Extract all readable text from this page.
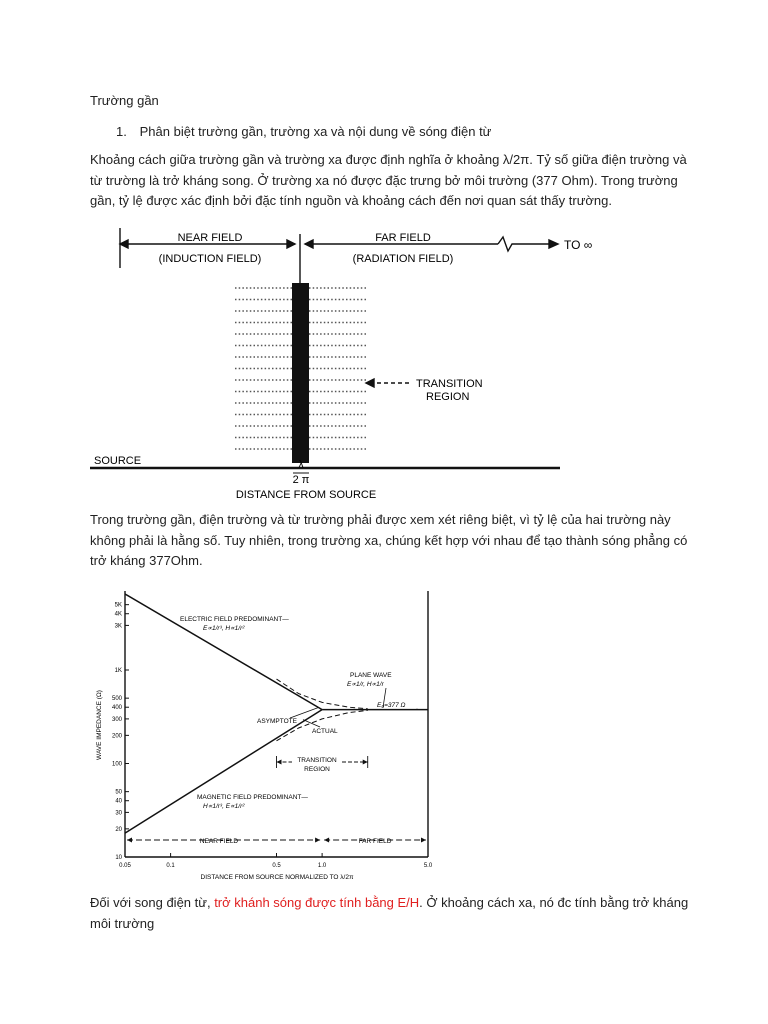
Trường gần
1. Phân biệt trường gần, trường xa và nội dung về sóng điện từ
Khoảng cách giữa trường gần và trường xa được định nghĩa ở khoảng λ/2π. Tỷ số giữa điện trường và từ trường là trở kháng song. Ở trường xa nó được đặc trưng bở môi trường (377 Ohm). Trong trường gần, tỷ lệ được xác định bởi đặc tính nguồn và khoảng cách đến nơi quan sát thấy trường.
NEAR FIELD
(INDUCTION FIELD)
FAR FIELD
(RADIATION FIELD)
TO ∞
TRANSITION
REGION
SOURCE	λ
2 π
DISTANCE FROM SOURCE
Trong trường gần, điện trường và từ trường phải được xem xét riêng biệt, vì tỷ lệ của hai trường này không phải là hằng số. Tuy nhiên, trong trường xa, chúng kết hợp với nhau để tạo thành sóng phẳng có trở kháng 377Ohm.
5K
4K
3K
1K
500
400
300
200
100
50
40
30
20
10
0.05	0.1	0.5	1.0	5.0
WAVE IMPEDANCE (Ω)
DISTANCE FROM SOURCE NORMALIZED TO λ/2π
ELECTRIC FIELD PREDOMINANT—
E∝1/r³, H∝1/r²
PLANE WAVE
E∝1/r, H∝1/r
E₀=377 Ω
ASYMPTOTE
ACTUAL
TRANSITION
REGION
MAGNETIC FIELD PREDOMINANT—
H∝1/r³, E∝1/r²
NEAR FIELD	FAR FIELD
Đối với song điện từ, trở khánh sóng được tính bằng E/H. Ở khoảng cách xa, nó đc tính bằng trở kháng môi trường
